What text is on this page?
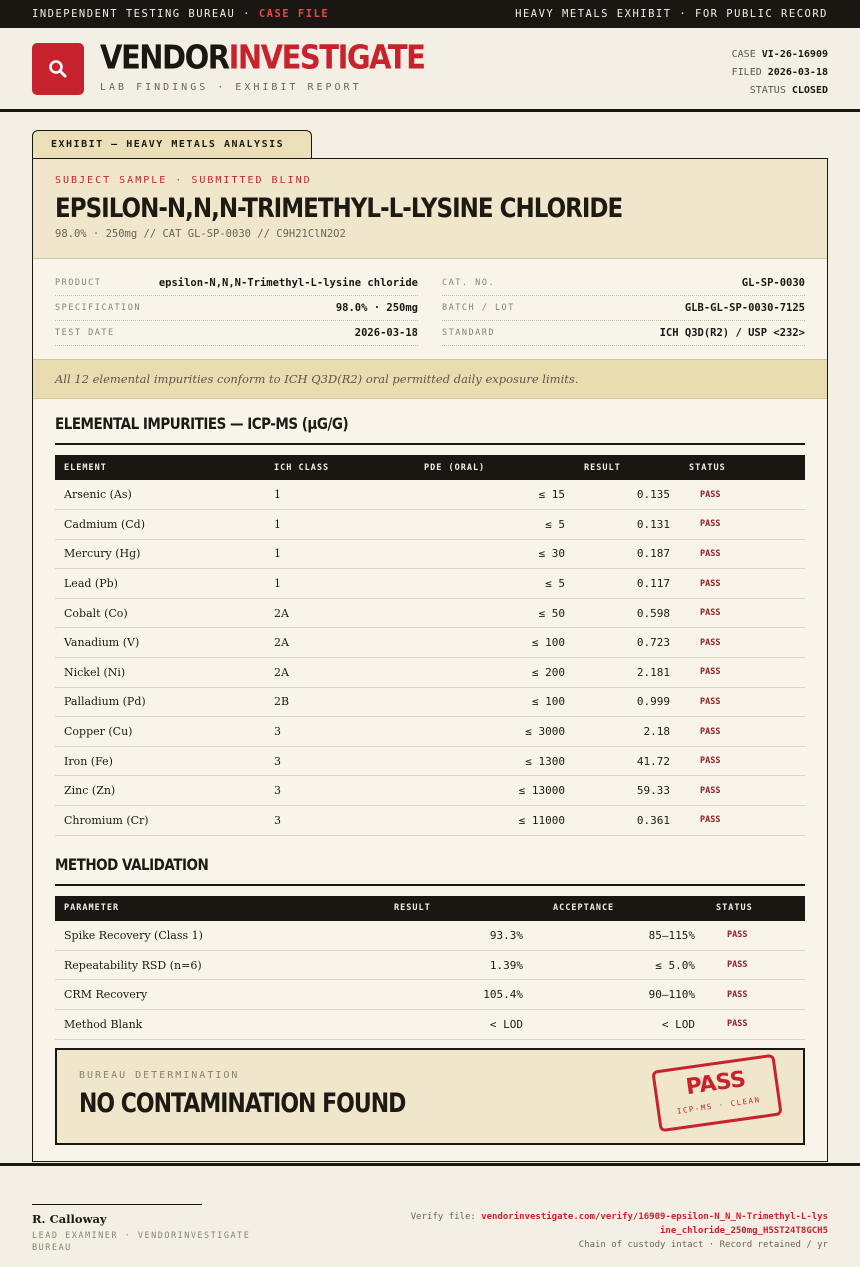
INDEPENDENT TESTING BUREAU · CASE FILE	HEAVY METALS EXHIBIT · FOR PUBLIC RECORD
VENDORINVESTIGATE
LAB FINDINGS · EXHIBIT REPORT
CASE VI-26-16909
FILED 2026-03-18
STATUS CLOSED
EXHIBIT — HEAVY METALS ANALYSIS
SUBJECT SAMPLE · SUBMITTED BLIND
EPSILON-N,N,N-TRIMETHYL-L-LYSINE CHLORIDE
98.0% · 250mg // CAT GL-SP-0030 // C9H21ClN2O2
PRODUCT	epsilon-N,N,N-Trimethyl-L-lysine chloride
SPECIFICATION	98.0% · 250mg
TEST DATE	2026-03-18
CAT. NO.	GL-SP-0030
BATCH / LOT	GLB-GL-SP-0030-7125
STANDARD	ICH Q3D(R2) / USP <232>
All 12 elemental impurities conform to ICH Q3D(R2) oral permitted daily exposure limits.
ELEMENTAL IMPURITIES — ICP-MS (µG/G)
ELEMENT	ICH CLASS	PDE (ORAL)	RESULT	STATUS
Arsenic (As)	1	≤ 15	0.135	PASS
Cadmium (Cd)	1	≤ 5	0.131	PASS
Mercury (Hg)	1	≤ 30	0.187	PASS
Lead (Pb)	1	≤ 5	0.117	PASS
Cobalt (Co)	2A	≤ 50	0.598	PASS
Vanadium (V)	2A	≤ 100	0.723	PASS
Nickel (Ni)	2A	≤ 200	2.181	PASS
Palladium (Pd)	2B	≤ 100	0.999	PASS
Copper (Cu)	3	≤ 3000	2.18	PASS
Iron (Fe)	3	≤ 1300	41.72	PASS
Zinc (Zn)	3	≤ 13000	59.33	PASS
Chromium (Cr)	3	≤ 11000	0.361	PASS
METHOD VALIDATION
PARAMETER	RESULT	ACCEPTANCE	STATUS
Spike Recovery (Class 1)	93.3%	85–115%	PASS
Repeatability RSD (n=6)	1.39%	≤ 5.0%	PASS
CRM Recovery	105.4%	90–110%	PASS
Method Blank	< LOD	< LOD	PASS
BUREAU DETERMINATION
NO CONTAMINATION FOUND
PASS
ICP-MS · CLEAN
R. Calloway
LEAD EXAMINER · VENDORINVESTIGATE BUREAU
Verify file: vendorinvestigate.com/verify/16909-epsilon-N_N_N-Trimethyl-L-lysine_chloride_250mg_H5ST24T8GCH5
Chain of custody intact · Record retained / yr
